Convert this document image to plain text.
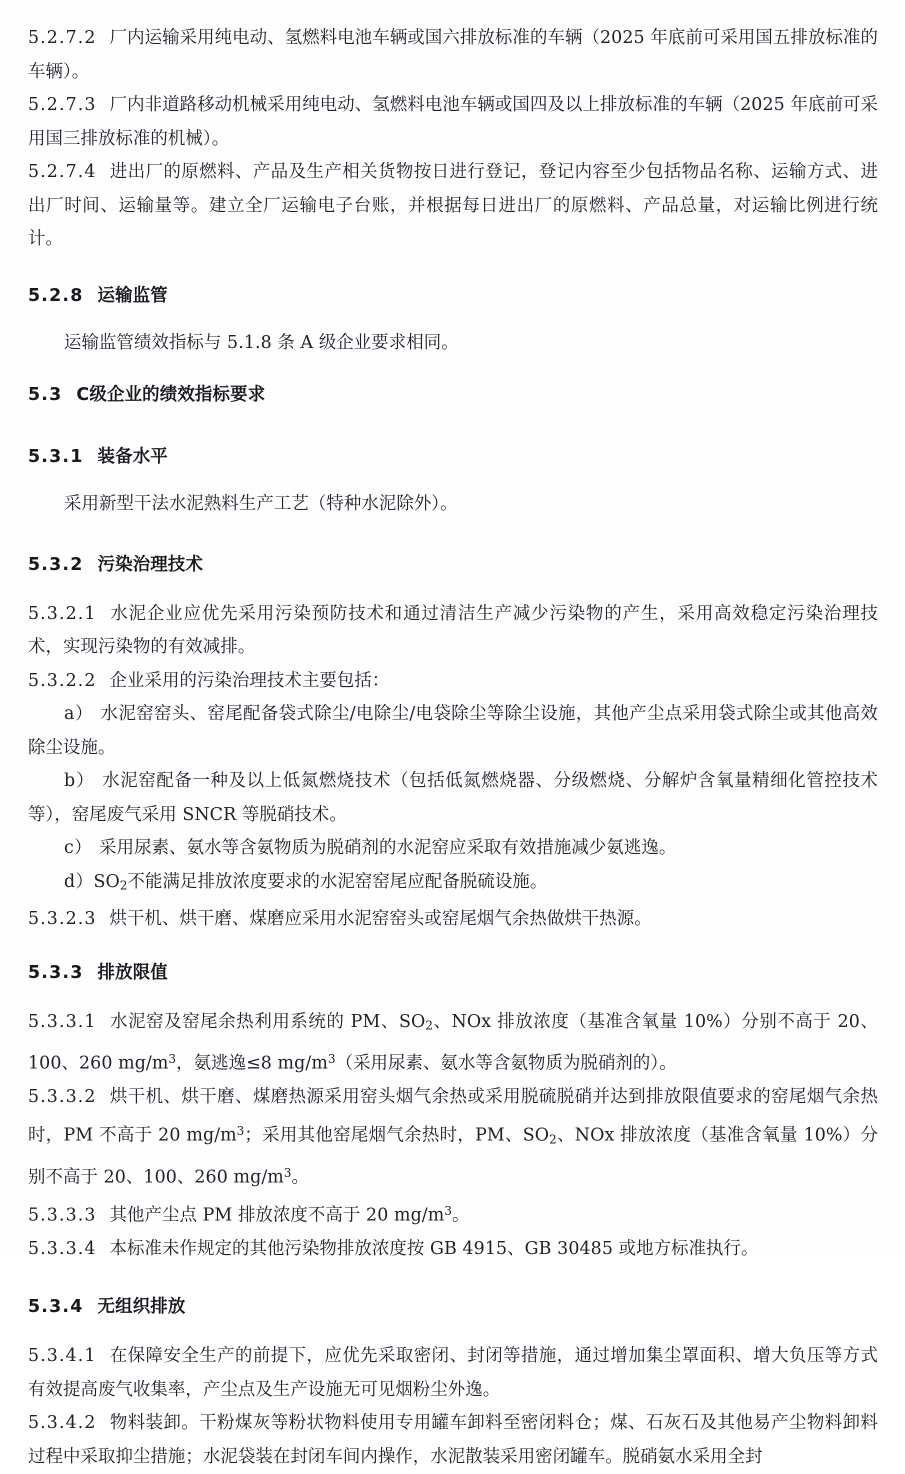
5.2.7.2 厂内运输采用纯电动、氢燃料电池车辆或国六排放标准的车辆（2025 年底前可采用国五排放标准的车辆）。

5.2.7.3 厂内非道路移动机械采用纯电动、氢燃料电池车辆或国四及以上排放标准的车辆（2025 年底前可采用国三排放标准的机械）。

5.2.7.4 进出厂的原燃料、产品及生产相关货物按日进行登记，登记内容至少包括物品名称、运输方式、进出厂时间、运输量等。建立全厂运输电子台账，并根据每日进出厂的原燃料、产品总量，对运输比例进行统计。

5.2.8 运输监管

运输监管绩效指标与 5.1.8 条 A 级企业要求相同。

5.3 C级企业的绩效指标要求

5.3.1 装备水平

采用新型干法水泥熟料生产工艺（特种水泥除外）。

5.3.2 污染治理技术

5.3.2.1 水泥企业应优先采用污染预防技术和通过清洁生产减少污染物的产生，采用高效稳定污染治理技术，实现污染物的有效减排。

5.3.2.2 企业采用的污染治理技术主要包括：

a） 水泥窑窑头、窑尾配备袋式除尘/电除尘/电袋除尘等除尘设施，其他产尘点采用袋式除尘或其他高效除尘设施。

b） 水泥窑配备一种及以上低氮燃烧技术（包括低氮燃烧器、分级燃烧、分解炉含氧量精细化管控技术等），窑尾废气采用 SNCR 等脱硝技术。

c） 采用尿素、氨水等含氨物质为脱硝剂的水泥窑应采取有效措施减少氨逃逸。

$d)SO_2$不能满足排放浓度要求的水泥窑窑尾应配备脱硫设施。

5.3.2.3 烘干机、烘干磨、煤磨应采用水泥窑窑头或窑尾烟气余热做烘干热源。

5.3.3 排放限值

5.3.3.1 水泥窑及窑尾余热利用系统的 PM、$SO_2$、NOx 排放浓度（基准含氧量 10%）分别不高于 20、100、260 $mg/m^3$，氨逃逸≤8 $mg/m^3$（采用尿素、氨水等含氨物质为脱硝剂的）。

5.3.3.2 烘干机、烘干磨、煤磨热源采用窑头烟气余热或采用脱硫脱硝并达到排放限值要求的窑尾烟气余热时，PM 不高于 20 $mg/m^3$；采用其他窑尾烟气余热时，PM、$SO_2$、NOx 排放浓度（基准含氧量 10%）分别不高于 20、100、260 $mg/m^3$。

5.3.3.3 其他产尘点 PM 排放浓度不高于 20 $mg/m^3$。

5.3.3.4 本标准未作规定的其他污染物排放浓度按 GB 4915、GB 30485 或地方标准执行。

5.3.4 无组织排放

5.3.4.1 在保障安全生产的前提下，应优先采取密闭、封闭等措施，通过增加集尘罩面积、增大负压等方式有效提高废气收集率，产尘点及生产设施无可见烟粉尘外逸。

5.3.4.2 物料装卸。干粉煤灰等粉状物料使用专用罐车卸料至密闭料仓；煤、石灰石及其他易产尘物料卸料过程中采取抑尘措施；水泥袋装在封闭车间内操作，水泥散装采用密闭罐车。脱硝氨水采用全封
